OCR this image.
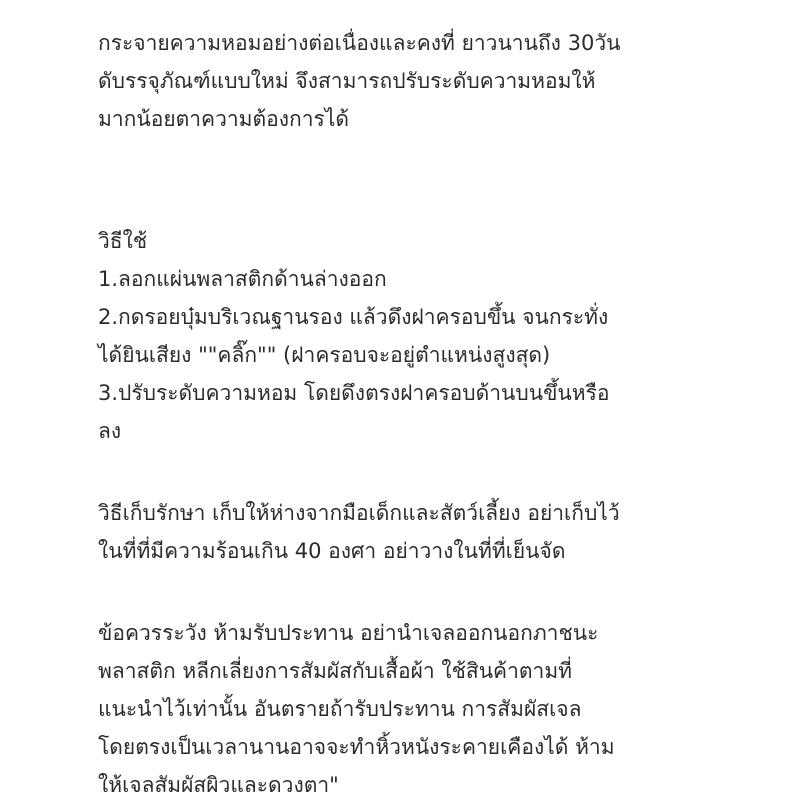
กระจายความหอมอย่างต่อเนื่องและคงที่ ยาวนานถึง 30วัน
ดับรรจุภัณฑ์แบบใหม่ จึงสามารถปรับระดับความหอมให้
มากน้อยตาความต้องการได้
วิธีใช้
1.ลอกแผ่นพลาสติกด้านล่างออก
2.กดรอยบุ๋มบริเวณฐานรอง แล้วดึงฝาครอบขึ้น จนกระทั่ง
ได้ยินเสียง ""คลิ๊ก"" (ฝาครอบจะอยู่ตำแหน่งสูงสุด)
3.ปรับระดับความหอม โดยดึงตรงฝาครอบด้านบนขึ้นหรือ
ลง
วิธีเก็บรักษา เก็บให้ห่างจากมือเด็กและสัตว์เลี้ยง อย่าเก็บไว้
ในที่ที่มีความร้อนเกิน 40 องศา อย่าวางในที่ที่เย็นจัด
ข้อควรระวัง ห้ามรับประทาน อย่านำเจลออกนอกภาชนะ
พลาสติก หลีกเลี่ยงการสัมผัสกับเสื้อผ้า ใช้สินค้าตามที่
แนะนำไว้เท่านั้น อันตรายถ้ารับประทาน การสัมผัสเจล
โดยตรงเป็นเวลานานอาจจะทำหิ้วหนังระคายเคืองได้ ห้าม
ให้เจลสัมผัสผิวและดวงตา"
